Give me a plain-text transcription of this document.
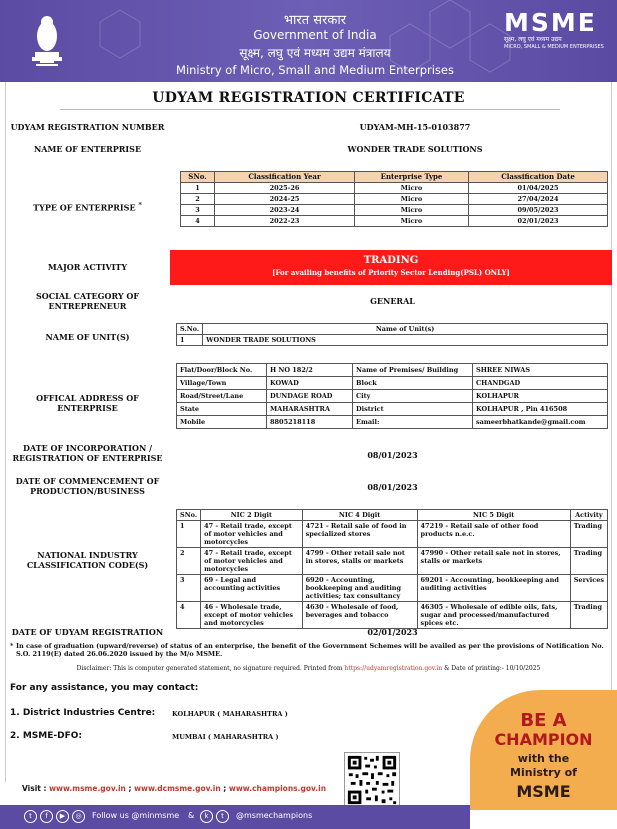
भारत सरकार
Government of India
सूक्ष्म, लघु एवं मध्यम उद्यम मंत्रालय
Ministry of Micro, Small and Medium Enterprises
MSME
सूक्ष्म, लघु एवं मध्यम उद्यम
MICRO, SMALL & MEDIUM ENTERPRISES
UDYAM REGISTRATION CERTIFICATE
UDYAM REGISTRATION NUMBER	UDYAM-MH-15-0103877
NAME OF ENTERPRISE	WONDER TRADE SOLUTIONS
TYPE OF ENTERPRISE *
SNo.	Classification Year	Enterprise Type	Classification Date
1	2025-26	Micro	01/04/2025
2	2024-25	Micro	27/04/2024
3	2023-24	Micro	09/05/2023
4	2022-23	Micro	02/01/2023
MAJOR ACTIVITY
TRADING
[For availing benefits of Priority Sector Lending(PSL) ONLY]
SOCIAL CATEGORY OF ENTREPRENEUR	GENERAL
NAME OF UNIT(S)
S.No.	Name of Unit(s)
1	WONDER TRADE SOLUTIONS
OFFICAL ADDRESS OF ENTERPRISE
Flat/Door/Block No.	H NO 182/2	Name of Premises/ Building	SHREE NIWAS
Village/Town	KOWAD	Block	CHANDGAD
Road/Street/Lane	DUNDAGE ROAD	City	KOLHAPUR
State	MAHARASHTRA	District	KOLHAPUR , Pin 416508
Mobile	8805218118	Email:	sameerbhatkande@gmail.com
DATE OF INCORPORATION / REGISTRATION OF ENTERPRISE	08/01/2023
DATE OF COMMENCEMENT OF PRODUCTION/BUSINESS	08/01/2023
NATIONAL INDUSTRY CLASSIFICATION CODE(S)
SNo.	NIC 2 Digit	NIC 4 Digit	NIC 5 Digit	Activity
1	47 - Retail trade, except of motor vehicles and motorcycles	4721 - Retail sale of food in specialized stores	47219 - Retail sale of other food products n.e.c.	Trading
2	47 - Retail trade, except of motor vehicles and motorcycles	4799 - Other retail sale not in stores, stalls or markets	47990 - Other retail sale not in stores, stalls or markets	Trading
3	69 - Legal and accounting activities	6920 - Accounting, bookkeeping and auditing activities; tax consultancy	69201 - Accounting, bookkeeping and auditing activities	Services
4	46 - Wholesale trade, except of motor vehicles and motorcycles	4630 - Wholesale of food, beverages and tobacco	46305 - Wholesale of edible oils, fats, sugar and processed/manufactured spices etc.	Trading
DATE OF UDYAM REGISTRATION	02/01/2023
* In case of graduation (upward/reverse) of status of an enterprise, the benefit of the Government Schemes will be availed as per the provisions of Notification No. S.O. 2119(E) dated 26.06.2020 issued by the M/o MSME.
Disclaimer: This is computer generated statement, no signature required. Printed from https://udyamregistration.gov.in & Date of printing:- 10/10/2025
For any assistance, you may contact:
1. District Industries Centre:	KOLHAPUR ( MAHARASHTRA )
2. MSME-DFO:	MUMBAI ( MAHARASHTRA )
BE A
CHAMPION
with the
Ministry of
MSME
Visit : www.msme.gov.in ; www.dcmsme.gov.in ; www.champions.gov.in
t	f	▶	◎	Follow us @minmsme &	k	t	@msmechampions
